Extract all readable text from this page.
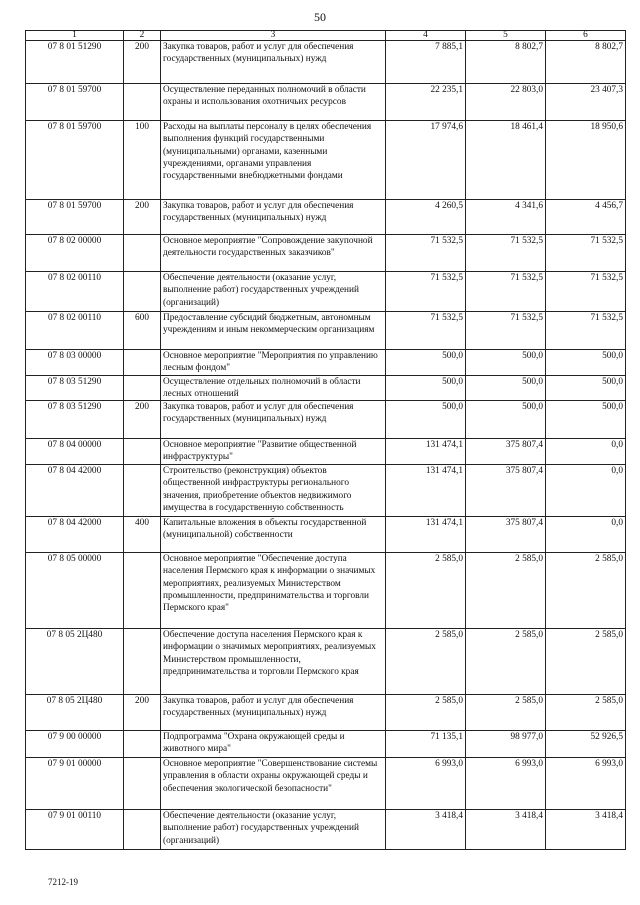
50
1	2	3	4	5	6
07 8 01 51290	200	Закупка товаров, работ и услуг для обеспечения государственных (муниципальных) нужд	7 885,1	8 802,7	8 802,7
07 8 01 59700		Осуществление переданных полномочий в области охраны и использования охотничьих ресурсов	22 235,1	22 803,0	23 407,3
07 8 01 59700	100	Расходы на выплаты персоналу в целях обеспечения выполнения функций государственными (муниципальными) органами, казенными учреждениями, органами управления государственными внебюджетными фондами	17 974,6	18 461,4	18 950,6
07 8 01 59700	200	Закупка товаров, работ и услуг для обеспечения государственных (муниципальных) нужд	4 260,5	4 341,6	4 456,7
07 8 02 00000		Основное мероприятие "Сопровождение закупочной деятельности государственных заказчиков"	71 532,5	71 532,5	71 532,5
07 8 02 00110		Обеспечение деятельности (оказание услуг, выполнение работ) государственных учреждений (организаций)	71 532,5	71 532,5	71 532,5
07 8 02 00110	600	Предоставление субсидий бюджетным, автономным учреждениям и иным некоммерческим организациям	71 532,5	71 532,5	71 532,5
07 8 03 00000		Основное мероприятие "Мероприятия по управлению лесным фондом"	500,0	500,0	500,0
07 8 03 51290		Осуществление отдельных полномочий в области лесных отношений	500,0	500,0	500,0
07 8 03 51290	200	Закупка товаров, работ и услуг для обеспечения государственных (муниципальных) нужд	500,0	500,0	500,0
07 8 04 00000		Основное мероприятие "Развитие общественной инфраструктуры"	131 474,1	375 807,4	0,0
07 8 04 42000		Строительство (реконструкция) объектов общественной инфраструктуры регионального значения, приобретение объектов недвижимого имущества в государственную собственность	131 474,1	375 807,4	0,0
07 8 04 42000	400	Капитальные вложения в объекты государственной (муниципальной) собственности	131 474,1	375 807,4	0,0
07 8 05 00000		Основное мероприятие "Обеспечение доступа населения Пермского края к информации о значимых мероприятиях, реализуемых Министерством промышленности, предпринимательства и торговли Пермского края"	2 585,0	2 585,0	2 585,0
07 8 05 2Ц480		Обеспечение доступа населения Пермского края к информации о значимых мероприятиях, реализуемых Министерством промышленности, предпринимательства и торговли Пермского края	2 585,0	2 585,0	2 585,0
07 8 05 2Ц480	200	Закупка товаров, работ и услуг для обеспечения государственных (муниципальных) нужд	2 585,0	2 585,0	2 585,0
07 9 00 00000		Подпрограмма "Охрана окружающей среды и животного мира"	71 135,1	98 977,0	52 926,5
07 9 01 00000		Основное мероприятие "Совершенствование системы управления в области охраны окружающей среды и обеспечения экологической безопасности"	6 993,0	6 993,0	6 993,0
07 9 01 00110		Обеспечение деятельности (оказание услуг, выполнение работ) государственных учреждений (организаций)	3 418,4	3 418,4	3 418,4
7212-19
